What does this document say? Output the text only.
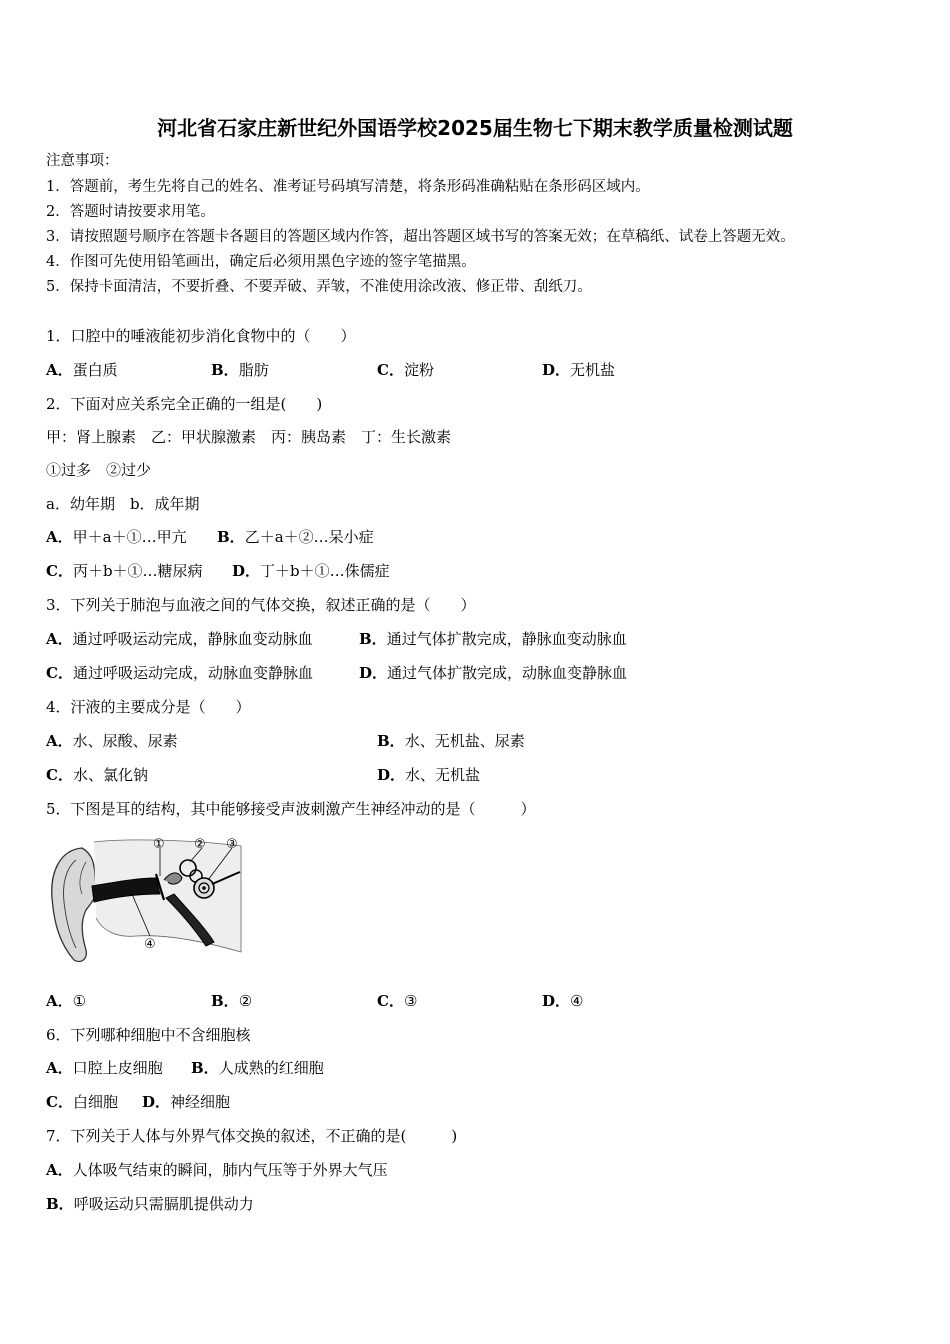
河北省石家庄新世纪外国语学校2025届生物七下期末教学质量检测试题
注意事项：
1．答题前，考生先将自己的姓名、准考证号码填写清楚，将条形码准确粘贴在条形码区域内。
2．答题时请按要求用笔。
3．请按照题号顺序在答题卡各题目的答题区域内作答，超出答题区域书写的答案无效；在草稿纸、试卷上答题无效。
4．作图可先使用铅笔画出，确定后必须用黑色字迹的签字笔描黑。
5．保持卡面清洁，不要折叠、不要弄破、弄皱，不准使用涂改液、修正带、刮纸刀。
1．口腔中的唾液能初步消化食物中的（　　）
A．蛋白质	B．脂肪	C．淀粉	D．无机盐
2．下面对应关系完全正确的一组是(　　)
甲：肾上腺素　乙：甲状腺激素　丙：胰岛素　丁：生长激素
①过多　②过少
a．幼年期　b．成年期
A．甲＋a＋①…甲亢 B．乙＋a＋②…呆小症
C．丙＋b＋①…糖尿病 D．丁＋b＋①…侏儒症
3．下列关于肺泡与血液之间的气体交换，叙述正确的是（　　）
A．通过呼吸运动完成，静脉血变动脉血	B．通过气体扩散完成，静脉血变动脉血
C．通过呼吸运动完成，动脉血变静脉血	D．通过气体扩散完成，动脉血变静脉血
4．汗液的主要成分是（　　）
A．水、尿酸、尿素	B．水、无机盐、尿素
C．水、氯化钠	D．水、无机盐
5．下图是耳的结构，其中能够接受声波刺激产生神经冲动的是（　　　）
① ② ③
④
A．①	B．②	C．③	D．④
6．下列哪种细胞中不含细胞核
A．口腔上皮细胞 B．人成熟的红细胞
C．白细胞 D．神经细胞
7．下列关于人体与外界气体交换的叙述，不正确的是(　　　)
A．人体吸气结束的瞬间，肺内气压等于外界大气压
B．呼吸运动只需膈肌提供动力
